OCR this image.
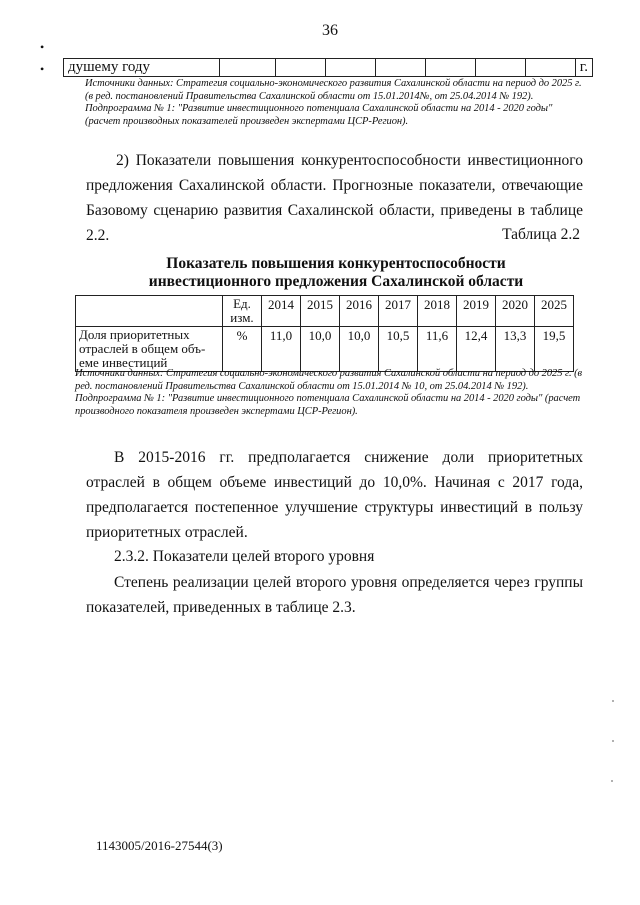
36
•
• душему году								г.
Источники данных: Стратегия социально-экономического развития Сахалинской области на период до 2025 г. (в ред. постановлений Правительства Сахалинской области от 15.01.2014№, от 25.04.2014 № 192). Подпрограмма № 1: "Развитие инвестиционного потенциала Сахалинской области на 2014 - 2020 годы" (расчет производных показателей произведен экспертами ЦСР-Регион).
2) Показатели повышения конкурентоспособности инвестиционного предложения Сахалинской области. Прогнозные показатели, отвечающие Базовому сценарию развития Сахалинской области, приведены в таблице 2.2.	Таблица 2.2
Показатель повышения конкурентоспособности инвестиционного предложения Сахалинской области
	Ед. изм.	2014	2015	2016	2017	2018	2019	2020	2025
Доля приоритетных отраслей в общем объ-еме инвестиций	%	11,0	10,0	10,0	10,5	11,6	12,4	13,3	19,5
Источники данных: Стратегия социально-экономического развития Сахалинской области на период до 2025 г. (в ред. постановлений Правительства Сахалинской области от 15.01.2014 № 10, от 25.04.2014 № 192). Подпрограмма № 1: "Развитие инвестиционного потенциала Сахалинской области на 2014 - 2020 годы" (расчет производного показателя произведен экспертами ЦСР-Регион).
В 2015-2016 гг. предполагается снижение доли приоритетных отраслей в общем объеме инвестиций до 10,0%. Начиная с 2017 года, предполагается постепенное улучшение структуры инвестиций в пользу приоритетных отраслей.
2.3.2. Показатели целей второго уровня
Степень реализации целей второго уровня определяется через группы показателей, приведенных в таблице 2.3.
1143005/2016-27544(3)
